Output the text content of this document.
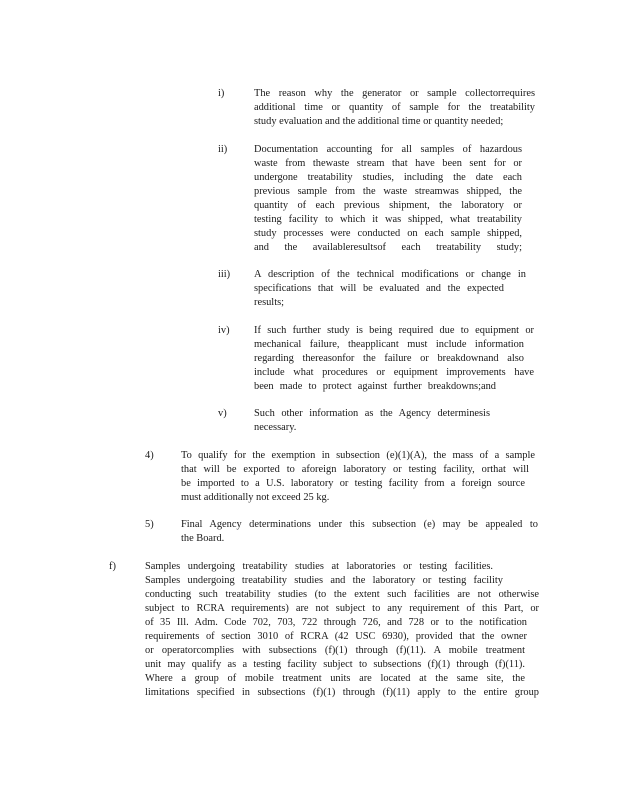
i)	The reason why the generator or sample collectorrequires
additional time or quantity of sample for the treatability
study evaluation and the additional time or quantity needed;
ii)	Documentation accounting for all samples of hazardous
waste from thewaste stream that have been sent for or
undergone treatability studies, including the date each
previous sample from the waste streamwas shipped, the
quantity of each previous shipment, the laboratory or
testing facility to which it was shipped, what treatability
study processes were conducted on each sample shipped,
and the availableresultsof each treatability study;
iii) A description of the technical modifications or change in
specifications that will be evaluated and the expected
results;
iv) If such further study is being required due to equipment or
mechanical failure, theapplicant must include information
regarding thereasonfor the failure or breakdownand also
include what procedures or equipment improvements have
been made to protect against further breakdowns;and
v)	Such other information as the Agency determinesis
necessary.
4)	To qualify for the exemption in subsection (e)(1)(A), the mass of a sample
that will be exported to aforeign laboratory or testing facility, orthat will
be imported to a U.S. laboratory or testing facility from a foreign source
must additionally not exceed 25 kg.
5)	Final Agency determinations under this subsection (e) may be appealed to
the Board.
f)	Samples undergoing treatability studies at laboratories or testing facilities.
Samples undergoing treatability studies and the laboratory or testing facility
conducting such treatability studies (to the extent such facilities are not otherwise
subject to RCRA requirements) are not subject to any requirement of this Part, or
of 35 Ill. Adm. Code 702, 703, 722 through 726, and 728 or to the notification
requirements of section 3010 of RCRA (42 USC 6930), provided that the owner
or operatorcomplies with subsections (f)(1) through (f)(11). A mobile treatment
unit may qualify as a testing facility subject to subsections (f)(1) through (f)(11).
Where a group of mobile treatment units are located at the same site, the
limitations specified in subsections (f)(1) through (f)(11) apply to the entire group
